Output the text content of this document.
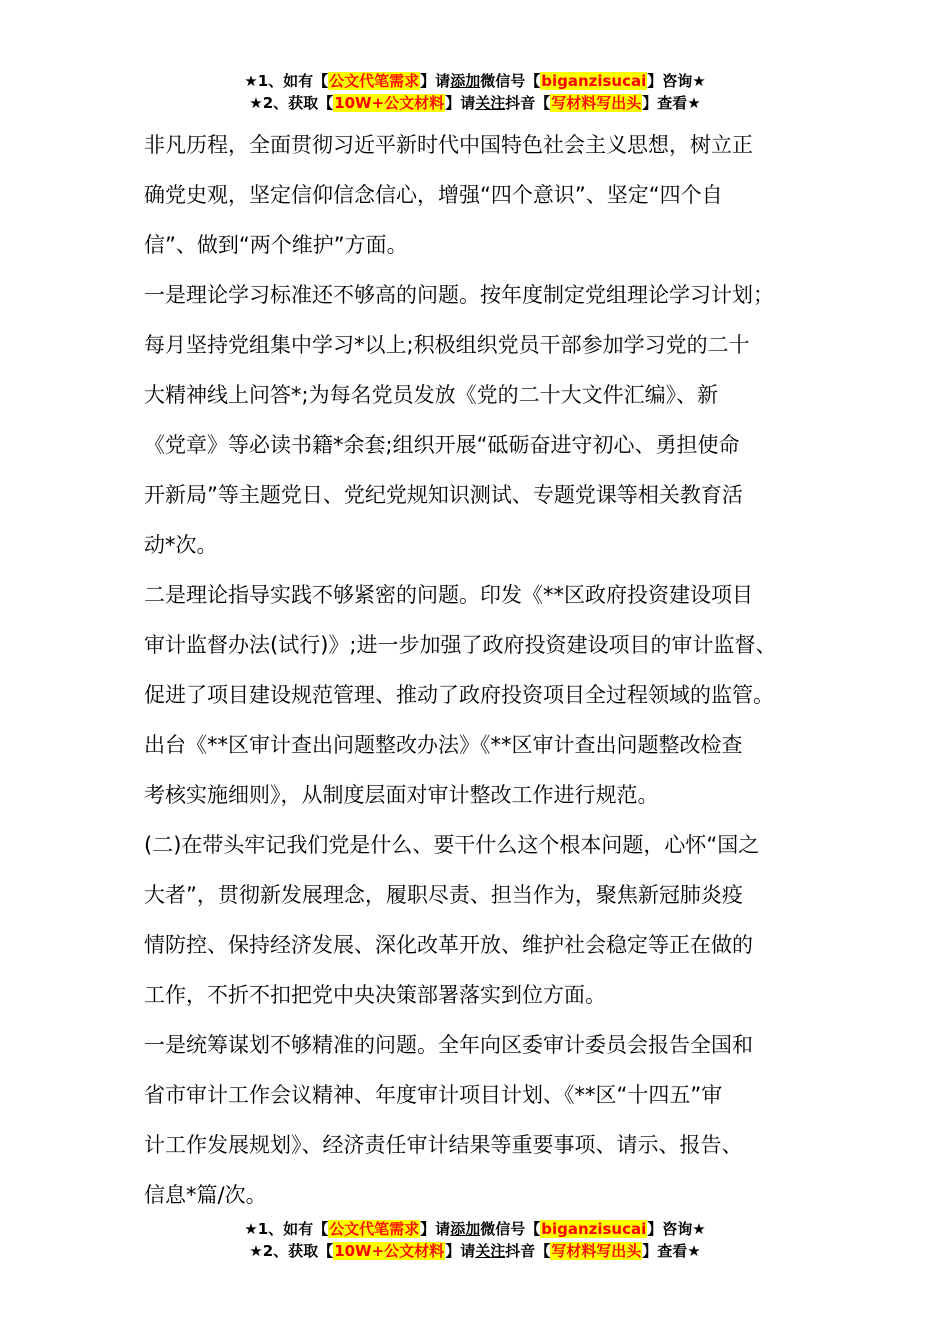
★1、如有【公文代笔需求】请添加微信号【biganzisucai】咨询★
★2、获取【10W+公文材料】请关注抖音【写材料写出头】查看★
非凡历程，全面贯彻习近平新时代中国特色社会主义思想，树立正
确党史观，坚定信仰信念信心，增强“四个意识”、坚定“四个自
信”、做到“两个维护”方面。
一是理论学习标准还不够高的问题。按年度制定党组理论学习计划；
每月坚持党组集中学习*以上;积极组织党员干部参加学习党的二十
大精神线上问答*;为每名党员发放《党的二十大文件汇编》、新
《党章》等必读书籍*余套;组织开展“砥砺奋进守初心、勇担使命
开新局”等主题党日、党纪党规知识测试、专题党课等相关教育活
动*次。
二是理论指导实践不够紧密的问题。印发《**区政府投资建设项目
审计监督办法(试行)》;进一步加强了政府投资建设项目的审计监督、
促进了项目建设规范管理、推动了政府投资项目全过程领域的监管。
出台《**区审计查出问题整改办法》《**区审计查出问题整改检查
考核实施细则》，从制度层面对审计整改工作进行规范。
(二)在带头牢记我们党是什么、要干什么这个根本问题，心怀“国之
大者”，贯彻新发展理念，履职尽责、担当作为，聚焦新冠肺炎疫
情防控、保持经济发展、深化改革开放、维护社会稳定等正在做的
工作，不折不扣把党中央决策部署落实到位方面。
一是统筹谋划不够精准的问题。全年向区委审计委员会报告全国和
省市审计工作会议精神、年度审计项目计划、《**区“十四五”审
计工作发展规划》、经济责任审计结果等重要事项、请示、报告、
信息*篇/次。
★1、如有【公文代笔需求】请添加微信号【biganzisucai】咨询★
★2、获取【10W+公文材料】请关注抖音【写材料写出头】查看★
